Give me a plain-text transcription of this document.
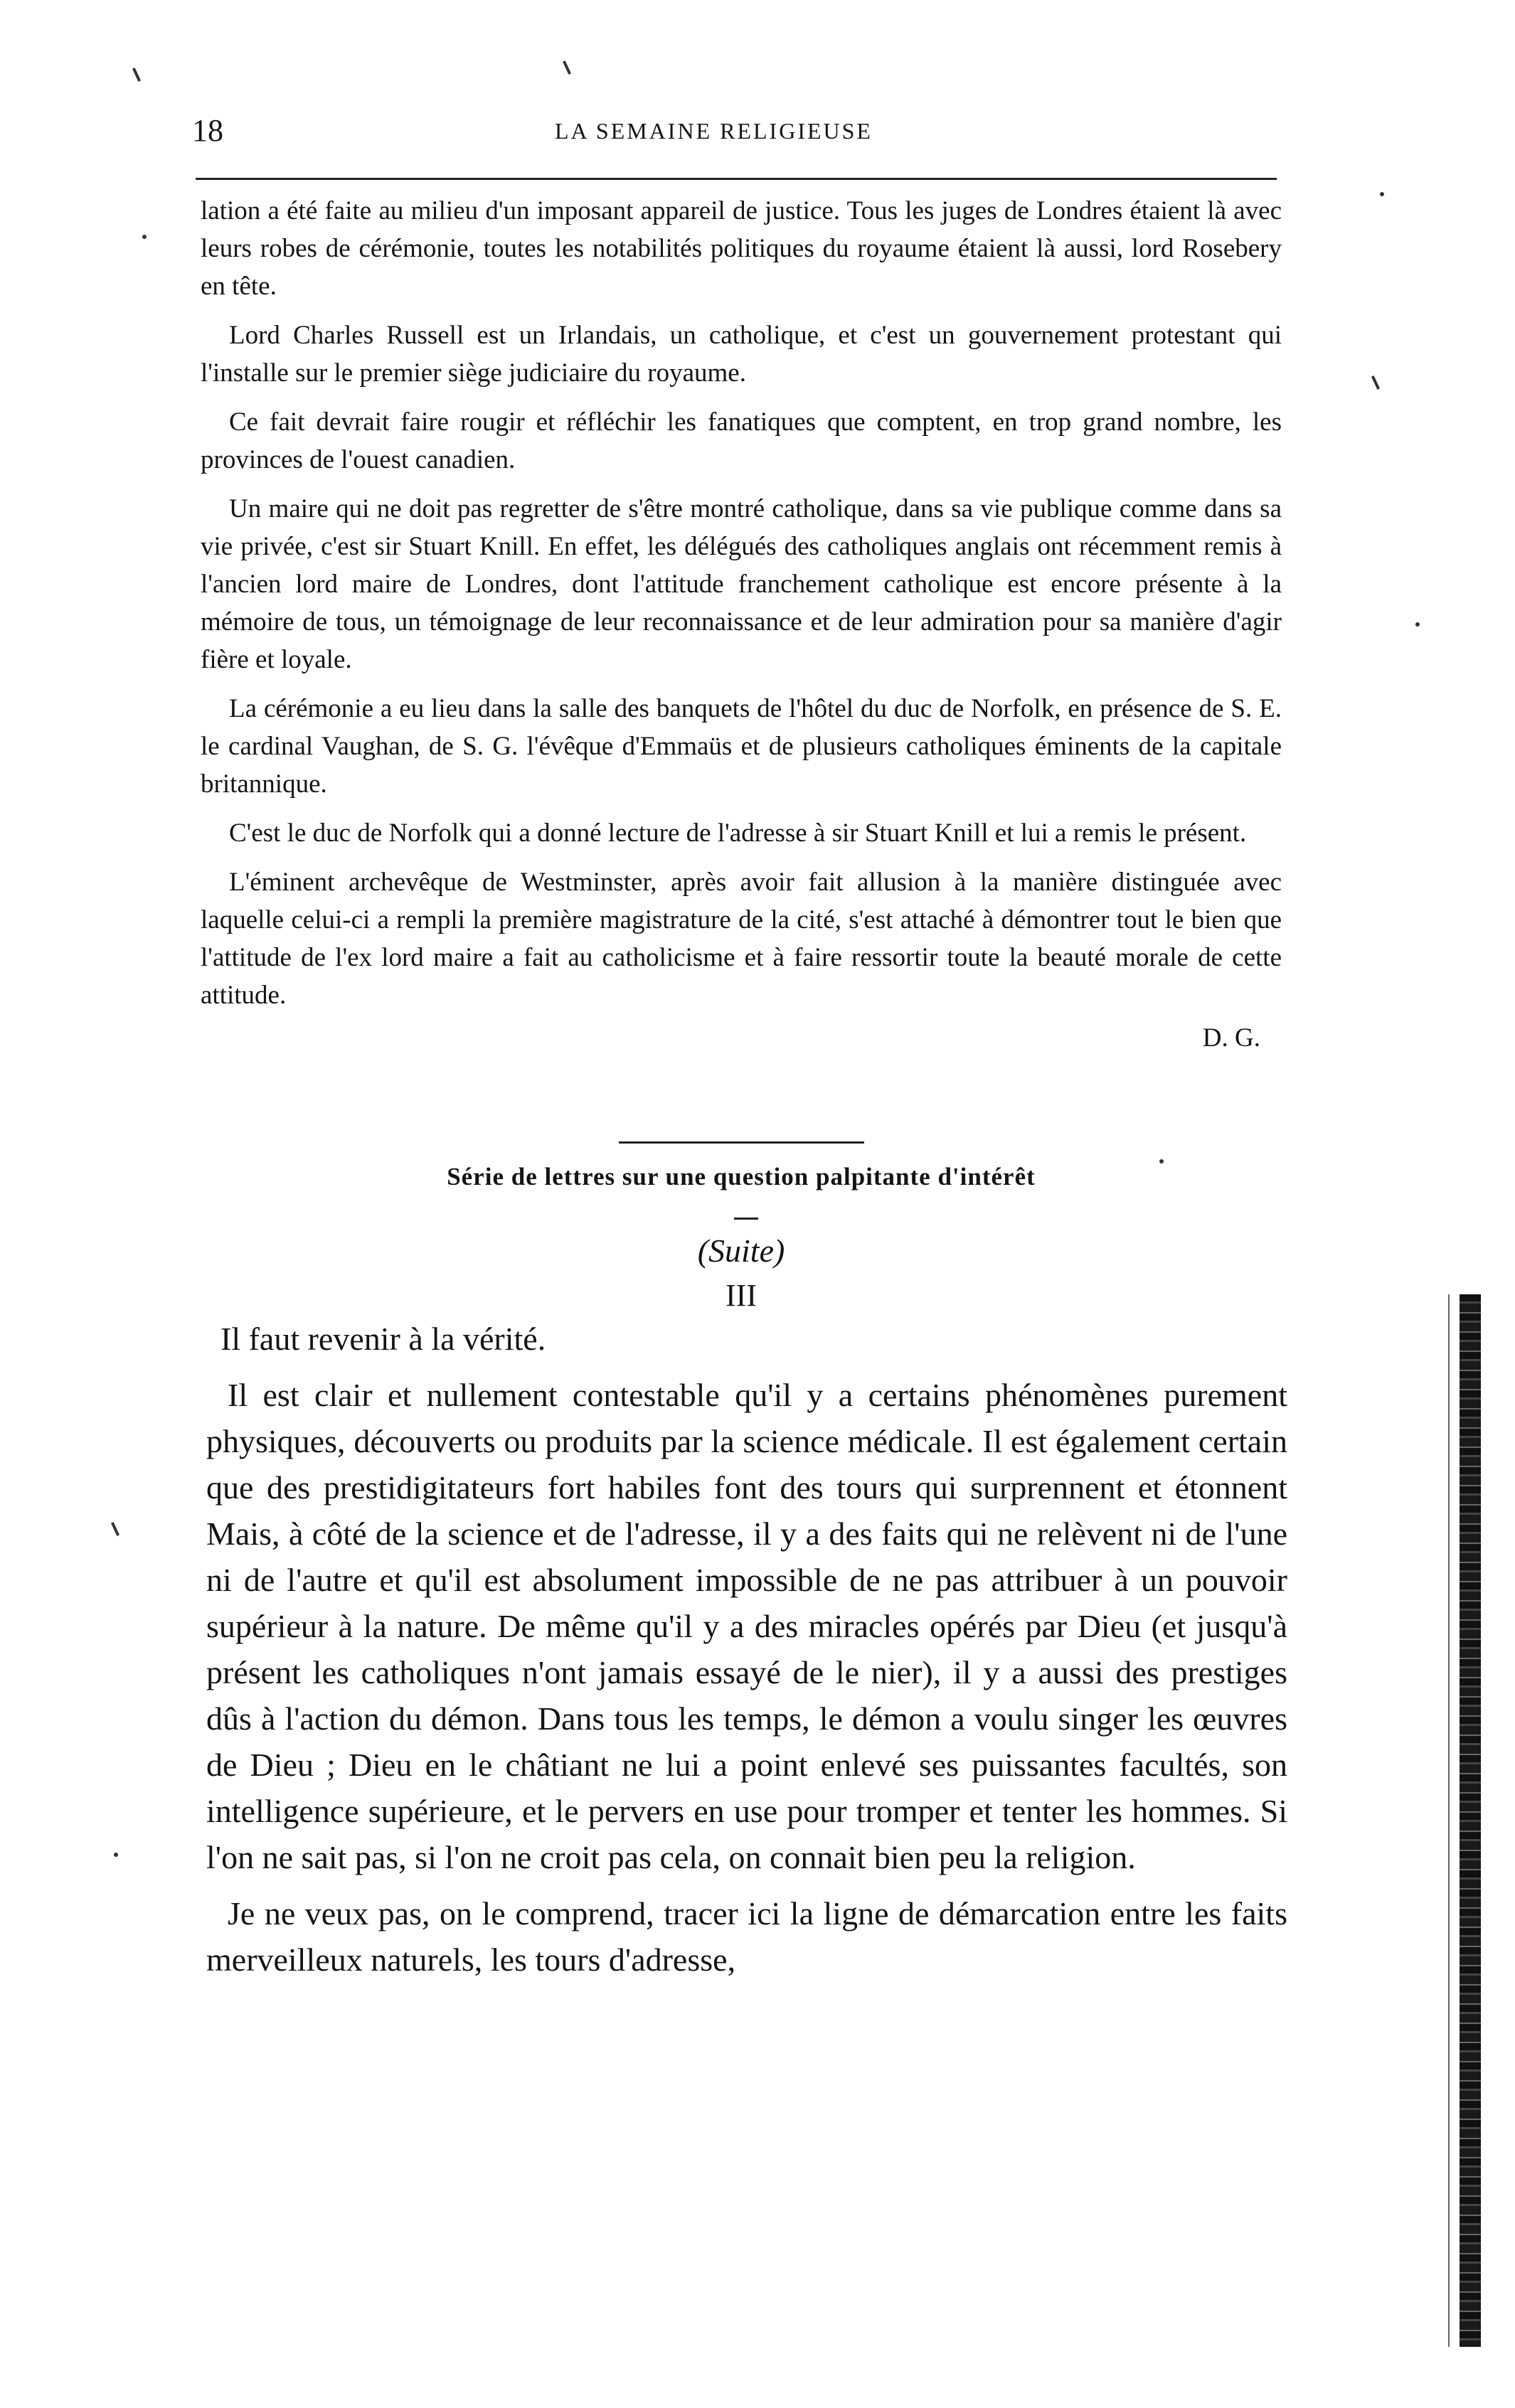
18	LA SEMAINE RELIGIEUSE

lation a été faite au milieu d'un imposant appareil de justice. Tous les juges de Londres étaient là avec leurs robes de cérémonie, toutes les notabilités politiques du royaume étaient là aussi, lord Rosebery en tête.

Lord Charles Russell est un Irlandais, un catholique, et c'est un gouvernement protestant qui l'installe sur le premier siège judiciaire du royaume.

Ce fait devrait faire rougir et réfléchir les fanatiques que comptent, en trop grand nombre, les provinces de l'ouest canadien.

Un maire qui ne doit pas regretter de s'être montré catholique, dans sa vie publique comme dans sa vie privée, c'est sir Stuart Knill. En effet, les délégués des catholiques anglais ont récemment remis à l'ancien lord maire de Londres, dont l'attitude franchement catholique est encore présente à la mémoire de tous, un témoignage de leur reconnaissance et de leur admiration pour sa manière d'agir fière et loyale.

La cérémonie a eu lieu dans la salle des banquets de l'hôtel du duc de Norfolk, en présence de S. E. le cardinal Vaughan, de S. G. l'évêque d'Emmaüs et de plusieurs catholiques éminents de la capitale britannique.

C'est le duc de Norfolk qui a donné lecture de l'adresse à sir Stuart Knill et lui a remis le présent.

L'éminent archevêque de Westminster, après avoir fait allusion à la manière distinguée avec laquelle celui-ci a rempli la première magistrature de la cité, s'est attaché à démontrer tout le bien que l'attitude de l'ex lord maire a fait au catholicisme et à faire ressortir toute la beauté morale de cette attitude.

D. G.
Série de lettres sur une question palpitante d'intérêt
(Suite)
III

Il faut revenir à la vérité.

Il est clair et nullement contestable qu'il y a certains phénomènes purement physiques, découverts ou produits par la science médicale. Il est également certain que des prestidigitateurs fort habiles font des tours qui surprennent et étonnent Mais, à côté de la science et de l'adresse, il y a des faits qui ne relèvent ni de l'une ni de l'autre et qu'il est absolument impossible de ne pas attribuer à un pouvoir supérieur à la nature. De même qu'il y a des miracles opérés par Dieu (et jusqu'à présent les catholiques n'ont jamais essayé de le nier), il y a aussi des prestiges dûs à l'action du démon. Dans tous les temps, le démon a voulu singer les œuvres de Dieu ; Dieu en le châtiant ne lui a point enlevé ses puissantes facultés, son intelligence supérieure, et le pervers en use pour tromper et tenter les hommes. Si l'on ne sait pas, si l'on ne croit pas cela, on connait bien peu la religion.

Je ne veux pas, on le comprend, tracer ici la ligne de démarcation entre les faits merveilleux naturels, les tours d'adresse,
